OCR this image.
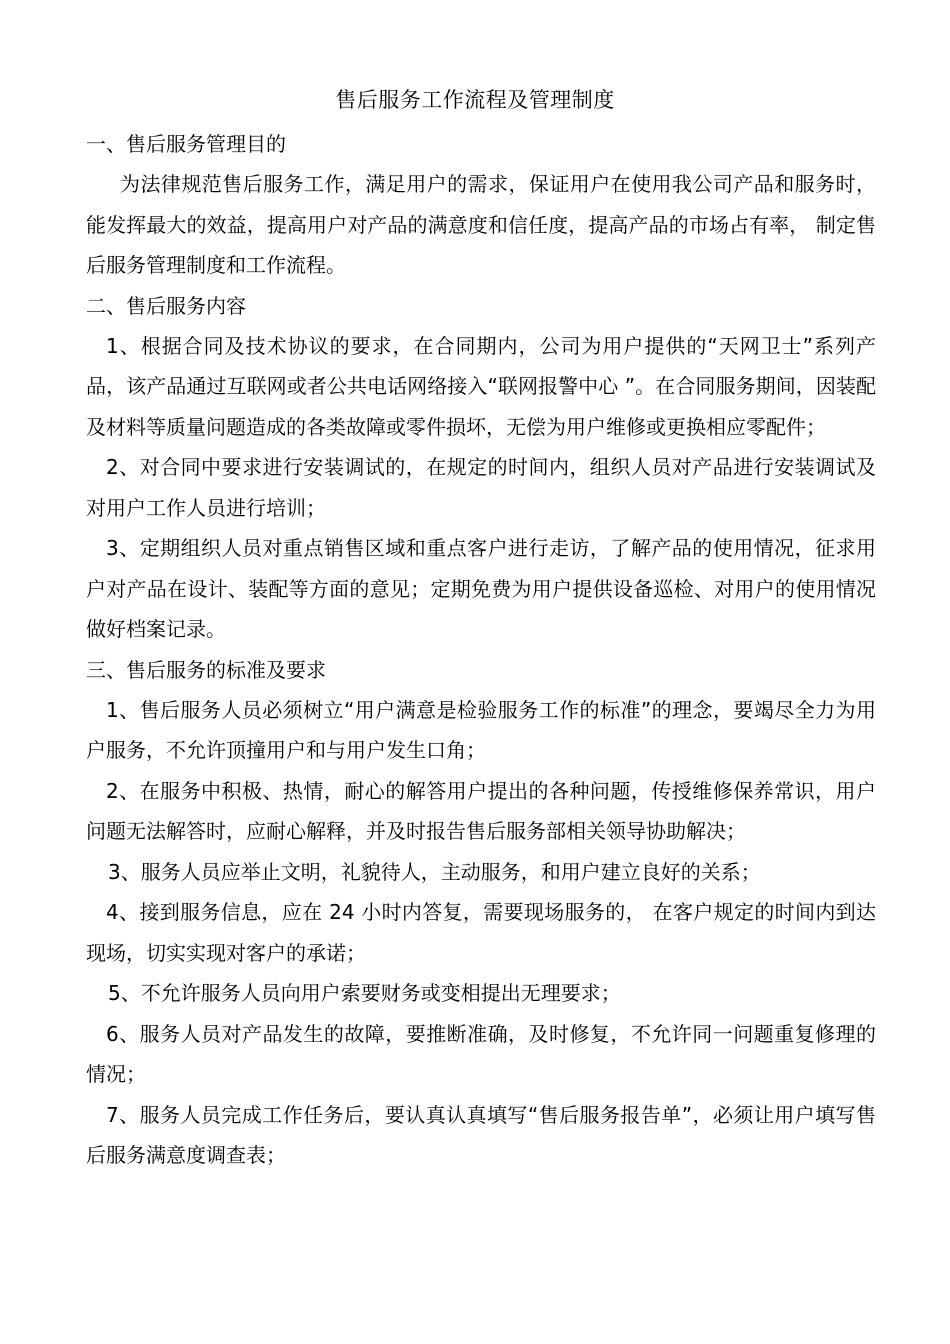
售后服务工作流程及管理制度

一、售后服务管理目的

为法律规范售后服务工作，满足用户的需求，保证用户在使用我公司产品和服务时，能发挥最大的效益，提高用户对产品的满意度和信任度，提高产品的市场占有率， 制定售后服务管理制度和工作流程。

二、售后服务内容

1、根据合同及技术协议的要求，在合同期内，公司为用户提供的“天网卫士”系列产品，该产品通过互联网或者公共电话网络接入“联网报警中心 ”。在合同服务期间，因装配及材料等质量问题造成的各类故障或零件损坏，无偿为用户维修或更换相应零配件；

2、对合同中要求进行安装调试的，在规定的时间内，组织人员对产品进行安装调试及对用户工作人员进行培训；

3、定期组织人员对重点销售区域和重点客户进行走访，了解产品的使用情况，征求用户对产品在设计、装配等方面的意见；定期免费为用户提供设备巡检、对用户的使用情况做好档案记录。

三、售后服务的标准及要求

1、售后服务人员必须树立“用户满意是检验服务工作的标准”的理念，要竭尽全力为用户服务，不允许顶撞用户和与用户发生口角；

2、在服务中积极、热情，耐心的解答用户提出的各种问题，传授维修保养常识，用户问题无法解答时，应耐心解释，并及时报告售后服务部相关领导协助解决；

3、服务人员应举止文明，礼貌待人，主动服务，和用户建立良好的关系；

4、接到服务信息，应在 24 小时内答复，需要现场服务的， 在客户规定的时间内到达现场，切实实现对客户的承诺；

5、不允许服务人员向用户索要财务或变相提出无理要求；

6、服务人员对产品发生的故障，要推断准确，及时修复，不允许同一问题重复修理的情况；

7、服务人员完成工作任务后，要认真认真填写“售后服务报告单”，必须让用户填写售后服务满意度调查表；
